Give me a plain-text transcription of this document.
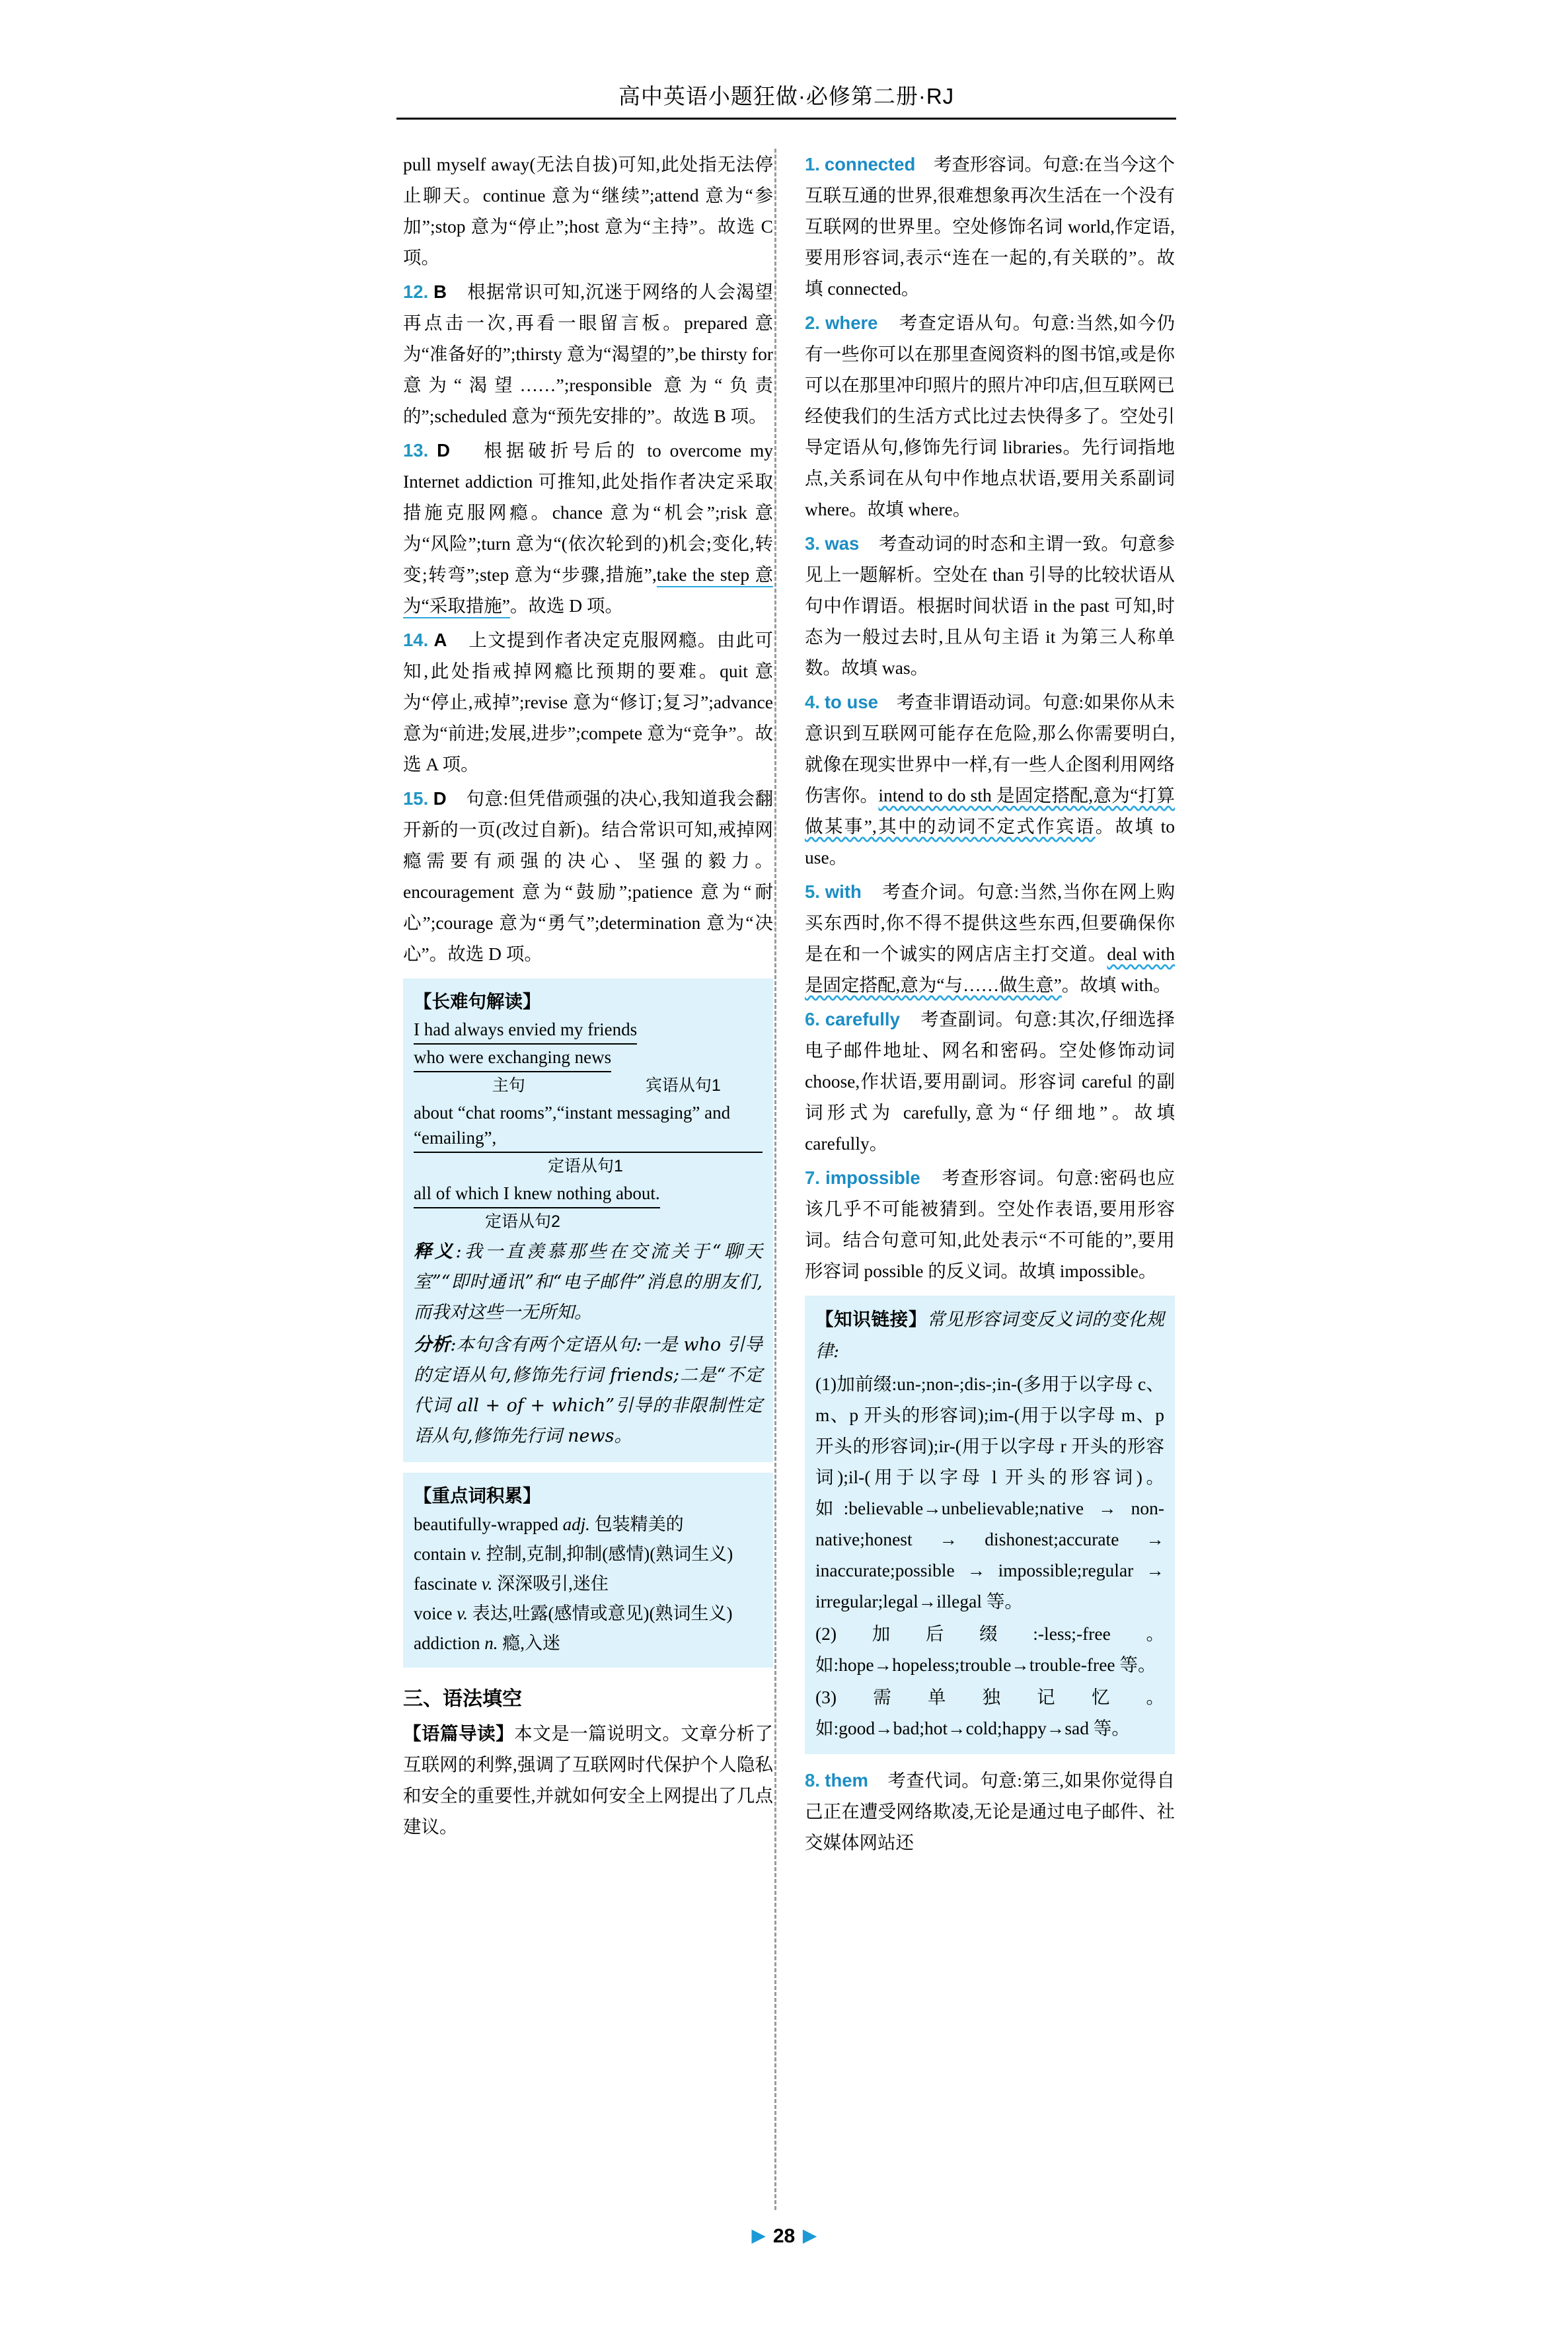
高中英语小题狂做·必修第二册·RJ

pull myself away(无法自拔)可知,此处指无法停止聊天。continue 意为“继续”;attend 意为“参加”;stop 意为“停止”;host 意为“主持”。故选 C 项。

12. B 根据常识可知,沉迷于网络的人会渴望再点击一次,再看一眼留言板。prepared 意为“准备好的”;thirsty 意为“渴望的”,be thirsty for 意为“渴望……”;responsible 意为“负责的”;scheduled 意为“预先安排的”。故选 B 项。

13. D 根据破折号后的 to overcome my Internet addiction 可推知,此处指作者决定采取措施克服网瘾。chance 意为“机会”;risk 意为“风险”;turn 意为“(依次轮到的)机会;变化,转变;转弯”;step 意为“步骤,措施”,take the step 意为“采取措施”。故选 D 项。

14. A 上文提到作者决定克服网瘾。由此可知,此处指戒掉网瘾比预期的要难。quit 意为“停止,戒掉”;revise 意为“修订;复习”;advance 意为“前进;发展,进步”;compete 意为“竞争”。故选 A 项。

15. D 句意:但凭借顽强的决心,我知道我会翻开新的一页(改过自新)。结合常识可知,戒掉网瘾需要有顽强的决心、坚强的毅力。encouragement 意为“鼓励”;patience 意为“耐心”;courage 意为“勇气”;determination 意为“决心”。故选 D 项。

【长难句解读】
I had always envied my friends who were exchanging news
主句	宾语从句1
about “chat rooms”,“instant messaging” and “emailing”,
定语从句1
all of which I knew nothing about.
定语从句2

释义:我一直羡慕那些在交流关于“聊天室”“即时通讯”和“电子邮件”消息的朋友们,而我对这些一无所知。

分析:本句含有两个定语从句:一是 who 引导的定语从句,修饰先行词 friends;二是“不定代词 all + of + which”引导的非限制性定语从句,修饰先行词 news。

【重点词积累】
beautifully-wrapped adj. 包装精美的
contain v. 控制,克制,抑制(感情)(熟词生义)
fascinate v. 深深吸引,迷住
voice v. 表达,吐露(感情或意见)(熟词生义)
addiction n. 瘾,入迷
三、语法填空

【语篇导读】本文是一篇说明文。文章分析了互联网的利弊,强调了互联网时代保护个人隐私和安全的重要性,并就如何安全上网提出了几点建议。

1. connected 考查形容词。句意:在当今这个互联互通的世界,很难想象再次生活在一个没有互联网的世界里。空处修饰名词 world,作定语,要用形容词,表示“连在一起的,有关联的”。故填 connected。

2. where 考查定语从句。句意:当然,如今仍有一些你可以在那里查阅资料的图书馆,或是你可以在那里冲印照片的照片冲印店,但互联网已经使我们的生活方式比过去快得多了。空处引导定语从句,修饰先行词 libraries。先行词指地点,关系词在从句中作地点状语,要用关系副词 where。故填 where。

3. was 考查动词的时态和主谓一致。句意参见上一题解析。空处在 than 引导的比较状语从句中作谓语。根据时间状语 in the past 可知,时态为一般过去时,且从句主语 it 为第三人称单数。故填 was。

4. to use 考查非谓语动词。句意:如果你从未意识到互联网可能存在危险,那么你需要明白,就像在现实世界中一样,有一些人企图利用网络伤害你。intend to do sth 是固定搭配,意为“打算做某事”,其中的动词不定式作宾语。故填 to use。

5. with 考查介词。句意:当然,当你在网上购买东西时,你不得不提供这些东西,但要确保你是在和一个诚实的网店店主打交道。deal with 是固定搭配,意为“与……做生意”。故填 with。

6. carefully 考查副词。句意:其次,仔细选择电子邮件地址、网名和密码。空处修饰动词 choose,作状语,要用副词。形容词 careful 的副词形式为 carefully,意为“仔细地”。故填 carefully。

7. impossible 考查形容词。句意:密码也应该几乎不可能被猜到。空处作表语,要用形容词。结合句意可知,此处表示“不可能的”,要用形容词 possible 的反义词。故填 impossible。

【知识链接】常见形容词变反义词的变化规律:

(1)加前缀:un-;non-;dis-;in-(多用于以字母 c、m、p 开头的形容词);im-(用于以字母 m、p 开头的形容词);ir-(用于以字母 r 开头的形容词);il-(用于以字母 l 开头的形容词)。如:believable→unbelievable;native → non-native;honest → dishonest;accurate → inaccurate;possible → impossible;regular → irregular;legal→illegal 等。

(2)加后缀:-less;-free。如:hope→hopeless;trouble→trouble-free 等。

(3)需单独记忆。如:good→bad;hot→cold;happy→sad 等。

8. them 考查代词。句意:第三,如果你觉得自己正在遭受网络欺凌,无论是通过电子邮件、社交媒体网站还

▶ 28 ▶
